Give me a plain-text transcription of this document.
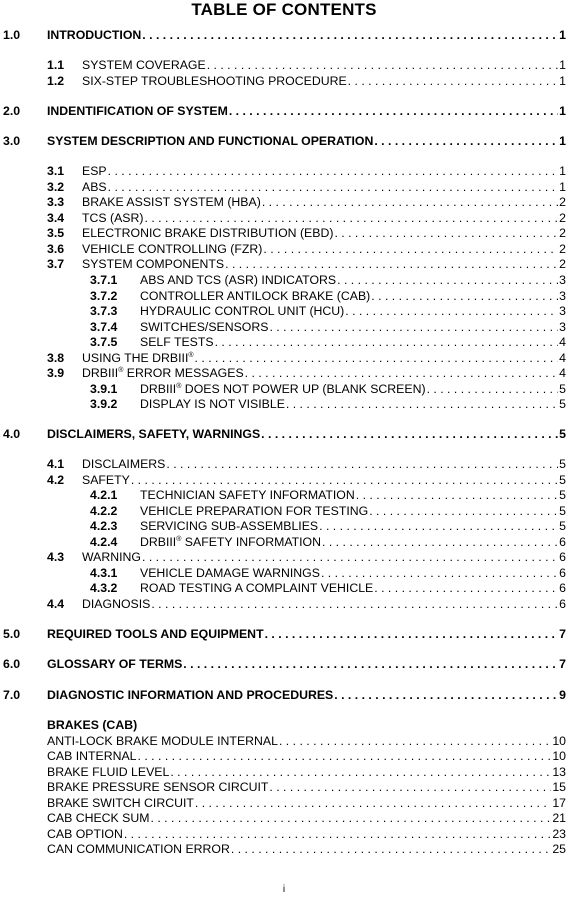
TABLE OF CONTENTS
1.0 INTRODUCTION . . .	1
1.1 SYSTEM COVERAGE . . .	1
1.2 SIX-STEP TROUBLESHOOTING PROCEDURE . . .	1
2.0 INDENTIFICATION OF SYSTEM . . .	1
3.0 SYSTEM DESCRIPTION AND FUNCTIONAL OPERATION . . .	1
3.1 ESP . . .	1
3.2 ABS . . .	1
3.3 BRAKE ASSIST SYSTEM (HBA) . . .	2
3.4 TCS (ASR) . . .	2
3.5 ELECTRONIC BRAKE DISTRIBUTION (EBD) . . .	2
3.6 VEHICLE CONTROLLING (FZR) . . .	2
3.7 SYSTEM COMPONENTS . . .	2
3.7.1 ABS AND TCS (ASR) INDICATORS . . .	3
3.7.2 CONTROLLER ANTILOCK BRAKE (CAB) . . .	3
3.7.3 HYDRAULIC CONTROL UNIT (HCU) . . .	3
3.7.4 SWITCHES/SENSORS . . .	3
3.7.5 SELF TESTS . . .	4
3.8 USING THE DRBIII® . . .	4
3.9 DRBIII® ERROR MESSAGES . . .	4
3.9.1 DRBIII® DOES NOT POWER UP (BLANK SCREEN) . . .	5
3.9.2 DISPLAY IS NOT VISIBLE . . .	5
4.0 DISCLAIMERS, SAFETY, WARNINGS . . .	5
4.1 DISCLAIMERS . . .	5
4.2 SAFETY . . .	5
4.2.1 TECHNICIAN SAFETY INFORMATION . . .	5
4.2.2 VEHICLE PREPARATION FOR TESTING . . .	5
4.2.3 SERVICING SUB-ASSEMBLIES . . .	5
4.2.4 DRBIII® SAFETY INFORMATION . . .	6
4.3 WARNING . . .	6
4.3.1 VEHICLE DAMAGE WARNINGS . . .	6
4.3.2 ROAD TESTING A COMPLAINT VEHICLE . . .	6
4.4 DIAGNOSIS . . .	6
5.0 REQUIRED TOOLS AND EQUIPMENT . . .	7
6.0 GLOSSARY OF TERMS . . .	7
7.0 DIAGNOSTIC INFORMATION AND PROCEDURES . . .	9
BRAKES (CAB)
ANTI-LOCK BRAKE MODULE INTERNAL . . .	10
CAB INTERNAL . . .	10
BRAKE FLUID LEVEL . . .	13
BRAKE PRESSURE SENSOR CIRCUIT . . .	15
BRAKE SWITCH CIRCUIT . . .	17
CAB CHECK SUM . . .	21
CAB OPTION . . .	23
CAN COMMUNICATION ERROR . . .	25
i
